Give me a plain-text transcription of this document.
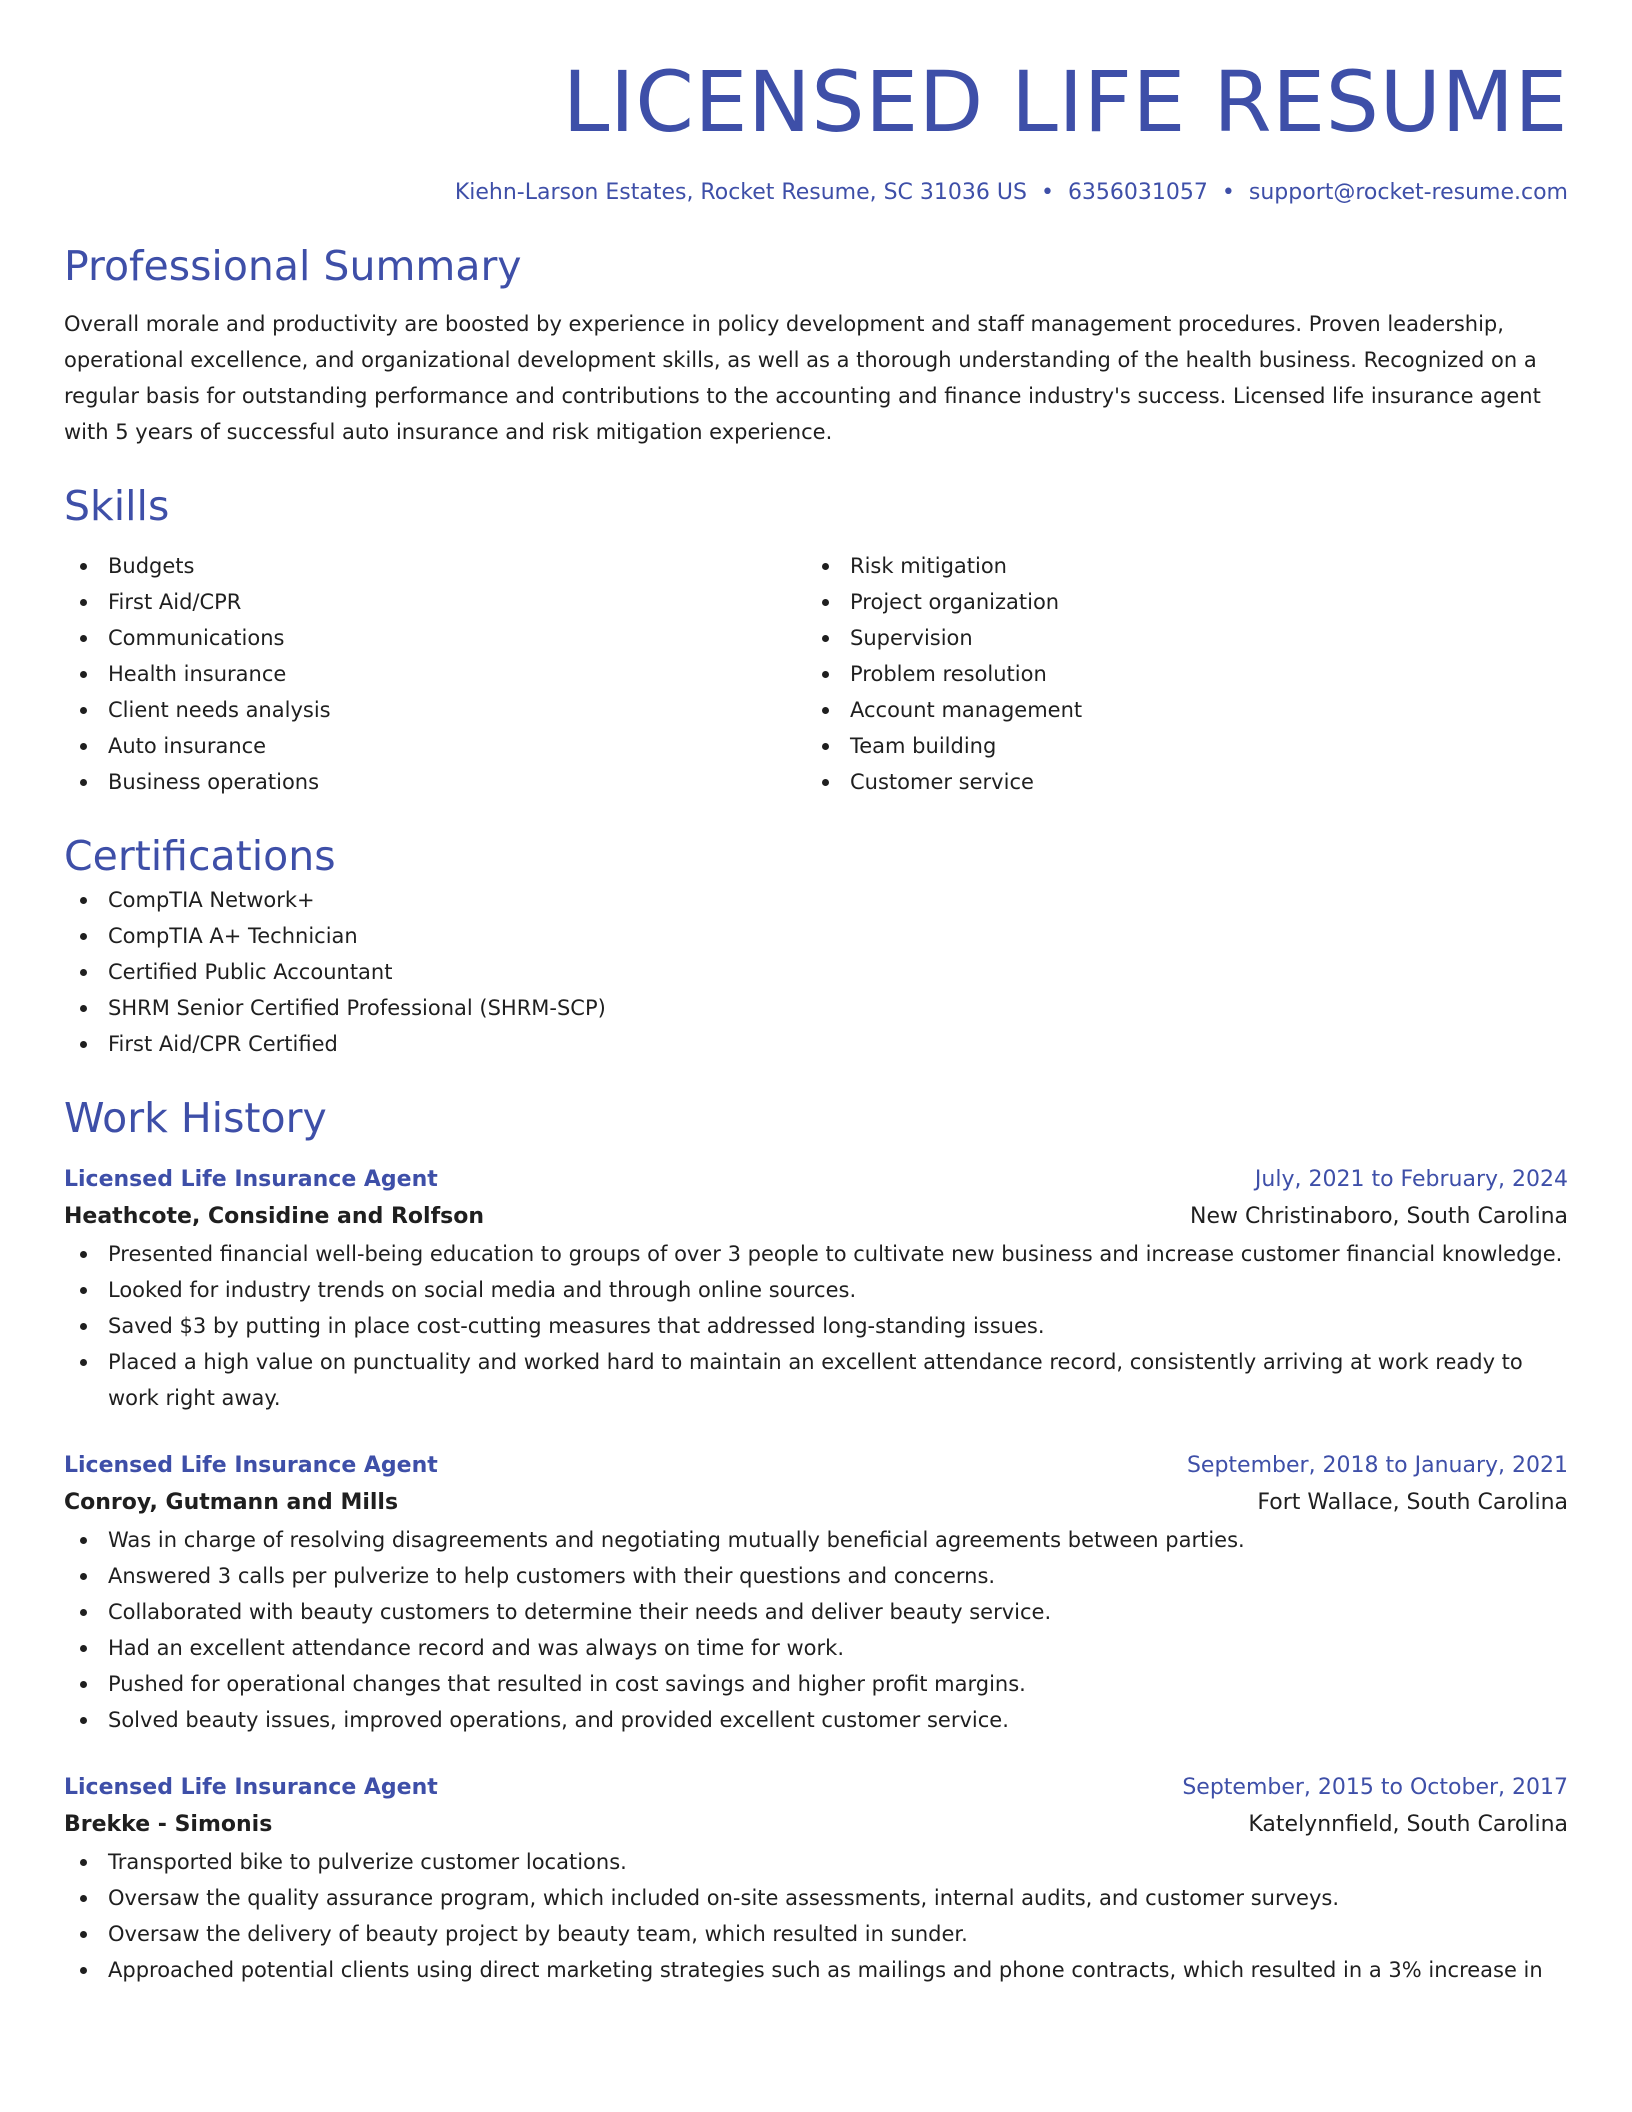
LICENSED LIFE RESUME
Kiehn-Larson Estates, Rocket Resume, SC 31036 US • 6356031057 • support@rocket-resume.com
Professional Summary

Overall morale and productivity are boosted by experience in policy development and staff management procedures. Proven leadership, operational excellence, and organizational development skills, as well as a thorough understanding of the health business. Recognized on a regular basis for outstanding performance and contributions to the accounting and finance industry's success. Licensed life insurance agent with 5 years of successful auto insurance and risk mitigation experience.

Skills
Budgets
First Aid/CPR
Communications
Health insurance
Client needs analysis
Auto insurance
Business operations
Risk mitigation
Project organization
Supervision
Problem resolution
Account management
Team building
Customer service
Certifications
CompTIA Network+
CompTIA A+ Technician
Certified Public Accountant
SHRM Senior Certified Professional (SHRM-SCP)
First Aid/CPR Certified
Work History
Licensed Life Insurance Agent	July, 2021 to February, 2024
Heathcote, Considine and Rolfson	New Christinaboro, South Carolina
Presented financial well-being education to groups of over 3 people to cultivate new business and increase customer financial knowledge.
Looked for industry trends on social media and through online sources.
Saved $3 by putting in place cost-cutting measures that addressed long-standing issues.
Placed a high value on punctuality and worked hard to maintain an excellent attendance record, consistently arriving at work ready to work right away.
Licensed Life Insurance Agent	September, 2018 to January, 2021
Conroy, Gutmann and Mills	Fort Wallace, South Carolina
Was in charge of resolving disagreements and negotiating mutually beneficial agreements between parties.
Answered 3 calls per pulverize to help customers with their questions and concerns.
Collaborated with beauty customers to determine their needs and deliver beauty service.
Had an excellent attendance record and was always on time for work.
Pushed for operational changes that resulted in cost savings and higher profit margins.
Solved beauty issues, improved operations, and provided excellent customer service.
Licensed Life Insurance Agent	September, 2015 to October, 2017
Brekke - Simonis	Katelynnfield, South Carolina
Transported bike to pulverize customer locations.
Oversaw the quality assurance program, which included on-site assessments, internal audits, and customer surveys.
Oversaw the delivery of beauty project by beauty team, which resulted in sunder.
Approached potential clients using direct marketing strategies such as mailings and phone contracts, which resulted in a 3% increase in
